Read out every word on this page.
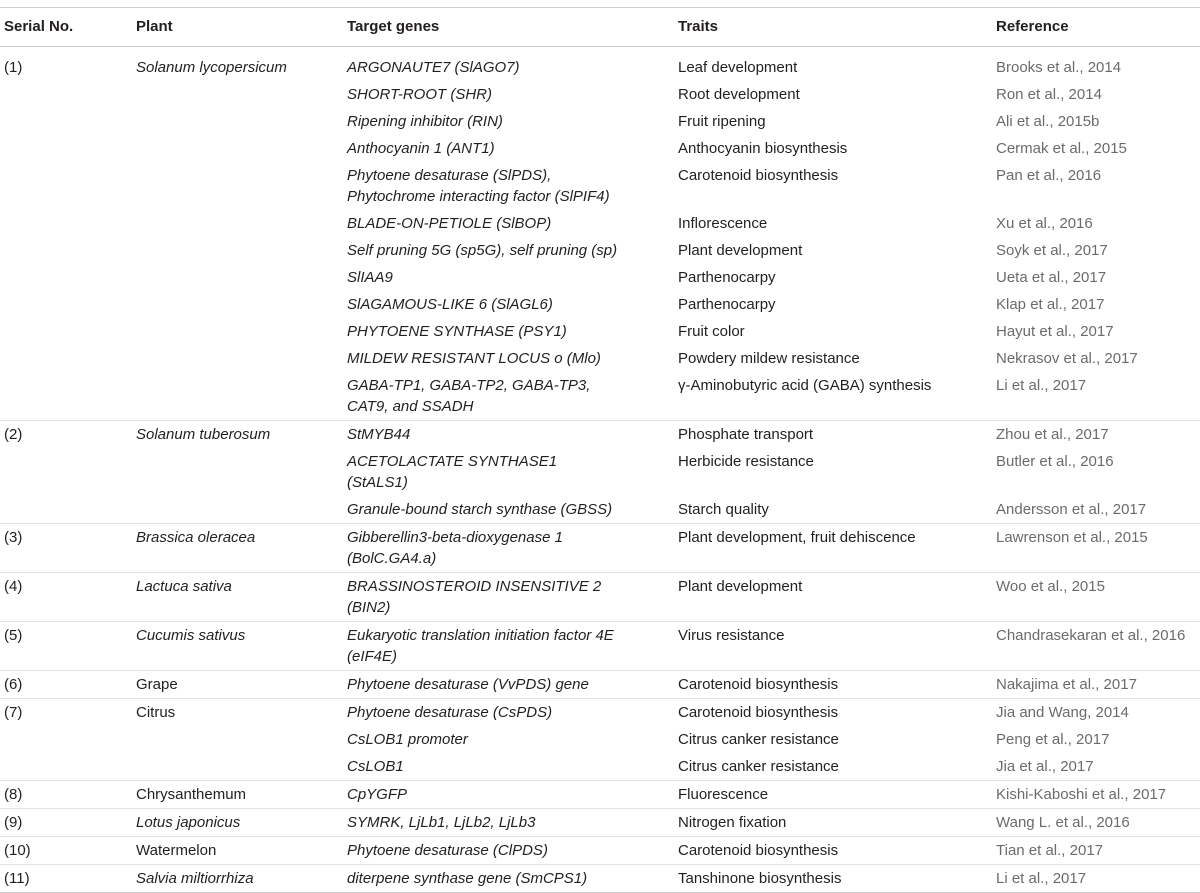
Serial No.	Plant	Target genes	Traits	Reference
(1)	Solanum lycopersicum	ARGONAUTE7 (SlAGO7)	Leaf development	Brooks et al., 2014

		SHORT-ROOT (SHR)	Root development	Ron et al., 2014

		Ripening inhibitor (RIN)	Fruit ripening	Ali et al., 2015b

		Anthocyanin 1 (ANT1)	Anthocyanin biosynthesis	Cermak et al., 2015

		Phytoene desaturase (SlPDS),
Phytochrome interacting factor (SlPIF4)	Carotenoid biosynthesis	Pan et al., 2016

		BLADE-ON-PETIOLE (SlBOP)	Inflorescence	Xu et al., 2016

		Self pruning 5G (sp5G), self pruning (sp)	Plant development	Soyk et al., 2017

		SlIAA9	Parthenocarpy	Ueta et al., 2017

		SlAGAMOUS-LIKE 6 (SlAGL6)	Parthenocarpy	Klap et al., 2017

		PHYTOENE SYNTHASE (PSY1)	Fruit color	Hayut et al., 2017

		MILDEW RESISTANT LOCUS o (Mlo)	Powdery mildew resistance	Nekrasov et al., 2017

		GABA-TP1, GABA-TP2, GABA-TP3,
CAT9, and SSADH	γ-Aminobutyric acid (GABA) synthesis	Li et al., 2017
(2)	Solanum tuberosum	StMYB44	Phosphate transport	Zhou et al., 2017

		ACETOLACTATE SYNTHASE1
(StALS1)	Herbicide resistance	Butler et al., 2016

		Granule-bound starch synthase (GBSS)	Starch quality	Andersson et al., 2017
(3)	Brassica oleracea	Gibberellin3-beta-dioxygenase 1
(BolC.GA4.a)	Plant development, fruit dehiscence	Lawrenson et al., 2015
(4)	Lactuca sativa	BRASSINOSTEROID INSENSITIVE 2
(BIN2)	Plant development	Woo et al., 2015
(5)	Cucumis sativus	Eukaryotic translation initiation factor 4E
(eIF4E)	Virus resistance	Chandrasekaran et al., 2016
(6)	Grape	Phytoene desaturase (VvPDS) gene	Carotenoid biosynthesis	Nakajima et al., 2017
(7)	Citrus	Phytoene desaturase (CsPDS)	Carotenoid biosynthesis	Jia and Wang, 2014

		CsLOB1 promoter	Citrus canker resistance	Peng et al., 2017

		CsLOB1	Citrus canker resistance	Jia et al., 2017
(8)	Chrysanthemum	CpYGFP	Fluorescence	Kishi-Kaboshi et al., 2017
(9)	Lotus japonicus	SYMRK, LjLb1, LjLb2, LjLb3	Nitrogen fixation	Wang L. et al., 2016
(10)	Watermelon	Phytoene desaturase (ClPDS)	Carotenoid biosynthesis	Tian et al., 2017
(11)	Salvia miltiorrhiza	diterpene synthase gene (SmCPS1)	Tanshinone biosynthesis	Li et al., 2017
